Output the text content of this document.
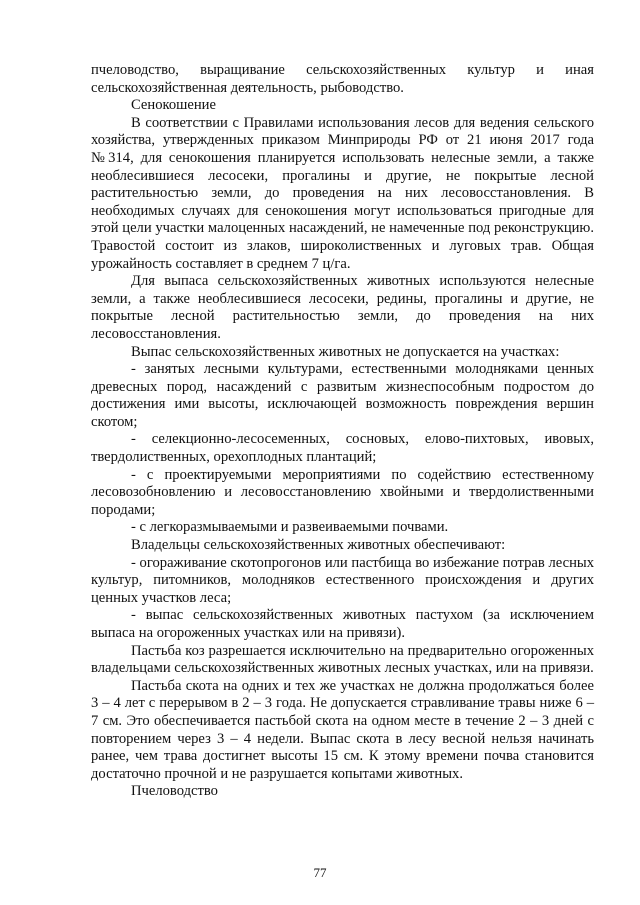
пчеловодство, выращивание сельскохозяйственных культур и иная сельскохозяйственная деятельность, рыбоводство.

Сенокошение

В соответствии с Правилами использования лесов для ведения сельского хозяйства, утвержденных приказом Минприроды РФ от 21 июня 2017 года №314, для сенокошения планируется использовать нелесные земли, а также необлесившиеся лесосеки, прогалины и другие, не покрытые лесной растительностью земли, до проведения на них лесовосстановления. В необходимых случаях для сенокошения могут использоваться пригодные для этой цели участки малоценных насаждений, не намеченные под реконструкцию. Травостой состоит из злаков, широколиственных и луговых трав. Общая урожайность составляет в среднем 7 ц/га.

Для выпаса сельскохозяйственных животных используются нелесные земли, а также необлесившиеся лесосеки, редины, прогалины и другие, не покрытые лесной растительностью земли, до проведения на них лесовосстановления.

Выпас сельскохозяйственных животных не допускается на участках:

- занятых лесными культурами, естественными молодняками ценных древесных пород, насаждений с развитым жизнеспособным подростом до достижения ими высоты, исключающей возможность повреждения вершин скотом;

- селекционно-лесосеменных, сосновых, елово-пихтовых, ивовых, твердолиственных, орехоплодных плантаций;

- с проектируемыми мероприятиями по содействию естественному лесовозобновлению и лесовосстановлению хвойными и твердолиственными породами;

- с легкоразмываемыми и развеиваемыми почвами.

Владельцы сельскохозяйственных животных обеспечивают:

- огораживание скотопрогонов или пастбища во избежание потрав лесных культур, питомников, молодняков естественного происхождения и других ценных участков леса;

- выпас сельскохозяйственных животных пастухом (за исключением выпаса на огороженных участках или на привязи).

Пастьба коз разрешается исключительно на предварительно огороженных владельцами сельскохозяйственных животных лесных участках, или на привязи.

Пастьба скота на одних и тех же участках не должна продолжаться более 3 – 4 лет с перерывом в 2 – 3 года. Не допускается стравливание травы ниже 6 – 7 см. Это обеспечивается пастьбой скота на одном месте в течение 2 – 3 дней с повторением через 3 – 4 недели. Выпас скота в лесу весной нельзя начинать ранее, чем трава достигнет высоты 15 см. К этому времени почва становится достаточно прочной и не разрушается копытами животных.

Пчеловодство

77
